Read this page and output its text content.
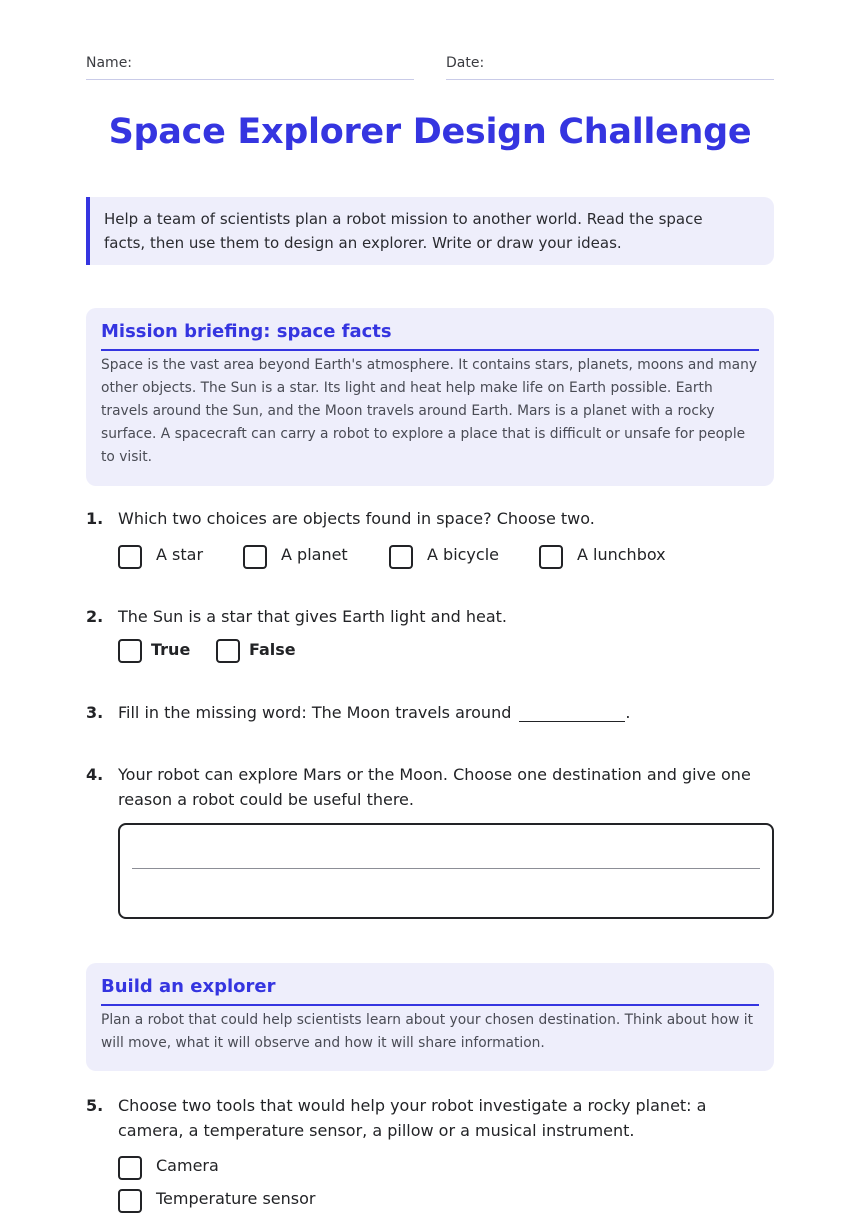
Name:	Date:
Space Explorer Design Challenge
Help a team of scientists plan a robot mission to another world. Read the space facts, then use them to design an explorer. Write or draw your ideas.
Mission briefing: space facts

Space is the vast area beyond Earth's atmosphere. It contains stars, planets, moons and many other objects. The Sun is a star. Its light and heat help make life on Earth possible. Earth travels around the Sun, and the Moon travels around Earth. Mars is a planet with a rocky surface. A spacecraft can carry a robot to explore a place that is difficult or unsafe for people to visit.

1. Which two choices are objects found in space? Choose two.
A star	A planet	A bicycle	A lunchbox
2. The Sun is a star that gives Earth light and heat.
True	False
3. Fill in the missing word: The Moon travels around	.
4. Your robot can explore Mars or the Moon. Choose one destination and give one reason a robot could be useful there.
Build an explorer

Plan a robot that could help scientists learn about your chosen destination. Think about how it will move, what it will observe and how it will share information.

5. Choose two tools that would help your robot investigate a rocky planet: a camera, a temperature sensor, a pillow or a musical instrument.
Camera
Temperature sensor
